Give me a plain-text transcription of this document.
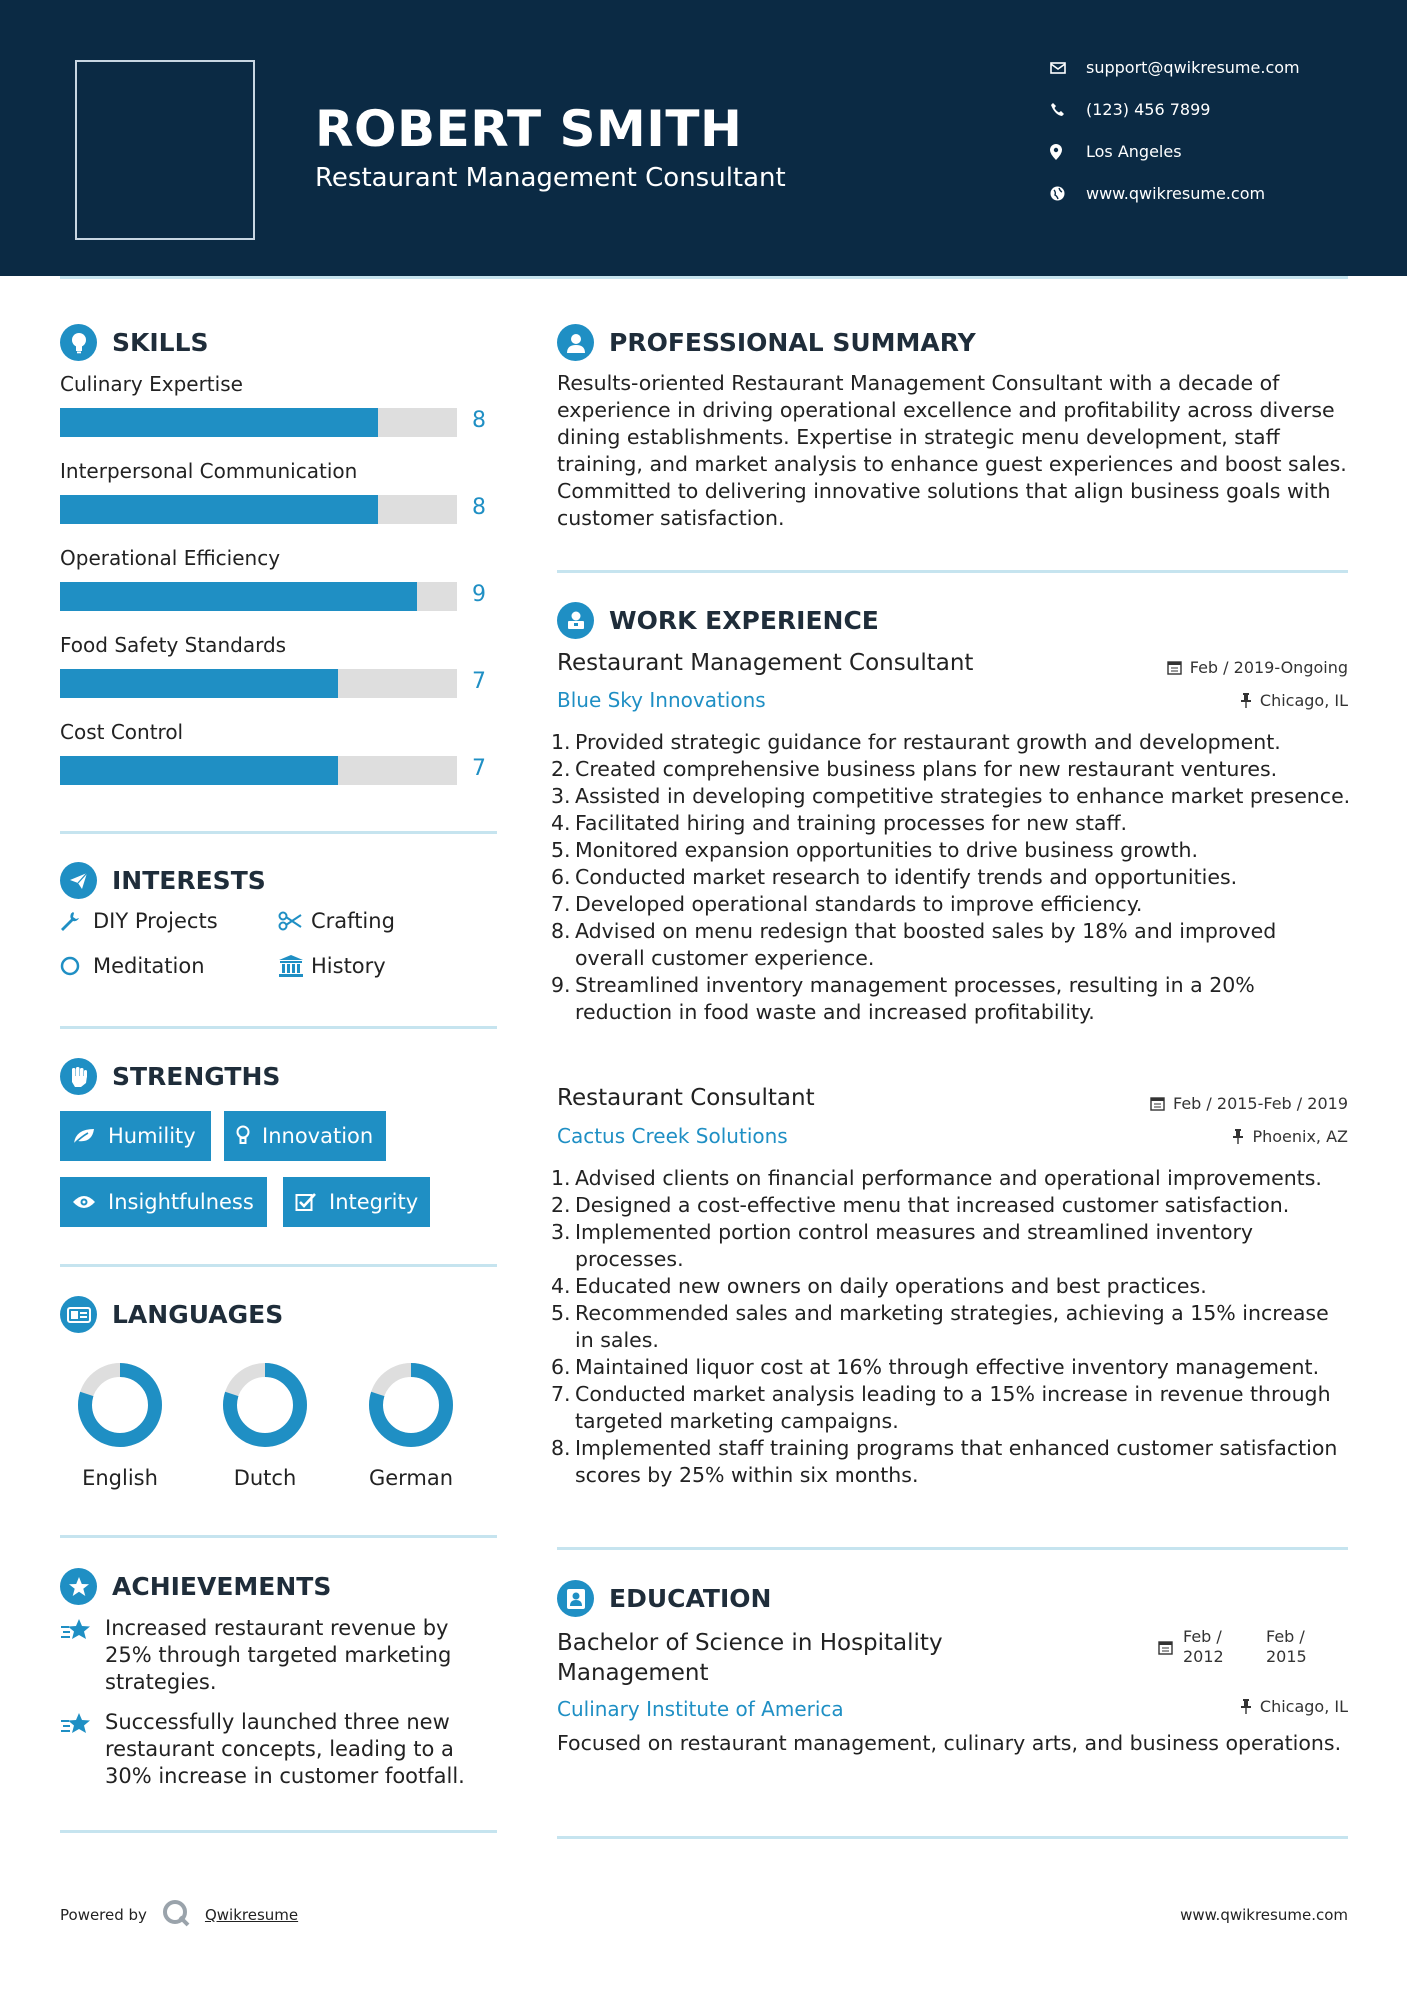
ROBERT SMITH
Restaurant Management Consultant
support@qwikresume.com
(123) 456 7899
Los Angeles
www.qwikresume.com
SKILLS
Culinary Expertise
8
Interpersonal Communication
8
Operational Efficiency
9
Food Safety Standards
7
Cost Control
7
INTERESTS
DIY Projects	Crafting
Meditation	History
STRENGTHS
Humility	Innovation
Insightfulness	Integrity
LANGUAGES
English	Dutch	German
ACHIEVEMENTS
Increased restaurant revenue by 25% through targeted marketing strategies.
Successfully launched three new restaurant concepts, leading to a 30% increase in customer footfall.
PROFESSIONAL SUMMARY
Results-oriented Restaurant Management Consultant with a decade of experience in driving operational excellence and profitability across diverse dining establishments. Expertise in strategic menu development, staff training, and market analysis to enhance guest experiences and boost sales. Committed to delivering innovative solutions that align business goals with customer satisfaction.
WORK EXPERIENCE
Restaurant Management Consultant	Feb / 2019-Ongoing
Blue Sky Innovations	Chicago, IL
1. Provided strategic guidance for restaurant growth and development.
2. Created comprehensive business plans for new restaurant ventures.
3. Assisted in developing competitive strategies to enhance market presence.
4. Facilitated hiring and training processes for new staff.
5. Monitored expansion opportunities to drive business growth.
6. Conducted market research to identify trends and opportunities.
7. Developed operational standards to improve efficiency.
8. Advised on menu redesign that boosted sales by 18% and improved overall customer experience.
9. Streamlined inventory management processes, resulting in a 20% reduction in food waste and increased profitability.
Restaurant Consultant	Feb / 2015-Feb / 2019
Cactus Creek Solutions	Phoenix, AZ
1. Advised clients on financial performance and operational improvements.
2. Designed a cost-effective menu that increased customer satisfaction.
3. Implemented portion control measures and streamlined inventory processes.
4. Educated new owners on daily operations and best practices.
5. Recommended sales and marketing strategies, achieving a 15% increase in sales.
6. Maintained liquor cost at 16% through effective inventory management.
7. Conducted market analysis leading to a 15% increase in revenue through targeted marketing campaigns.
8. Implemented staff training programs that enhanced customer satisfaction scores by 25% within six months.
EDUCATION
Bachelor of Science in Hospitality
Management
Feb /
2012
Feb /
2015
Culinary Institute of America	Chicago, IL
Focused on restaurant management, culinary arts, and business operations.
Powered by	Qwikresume	www.qwikresume.com
